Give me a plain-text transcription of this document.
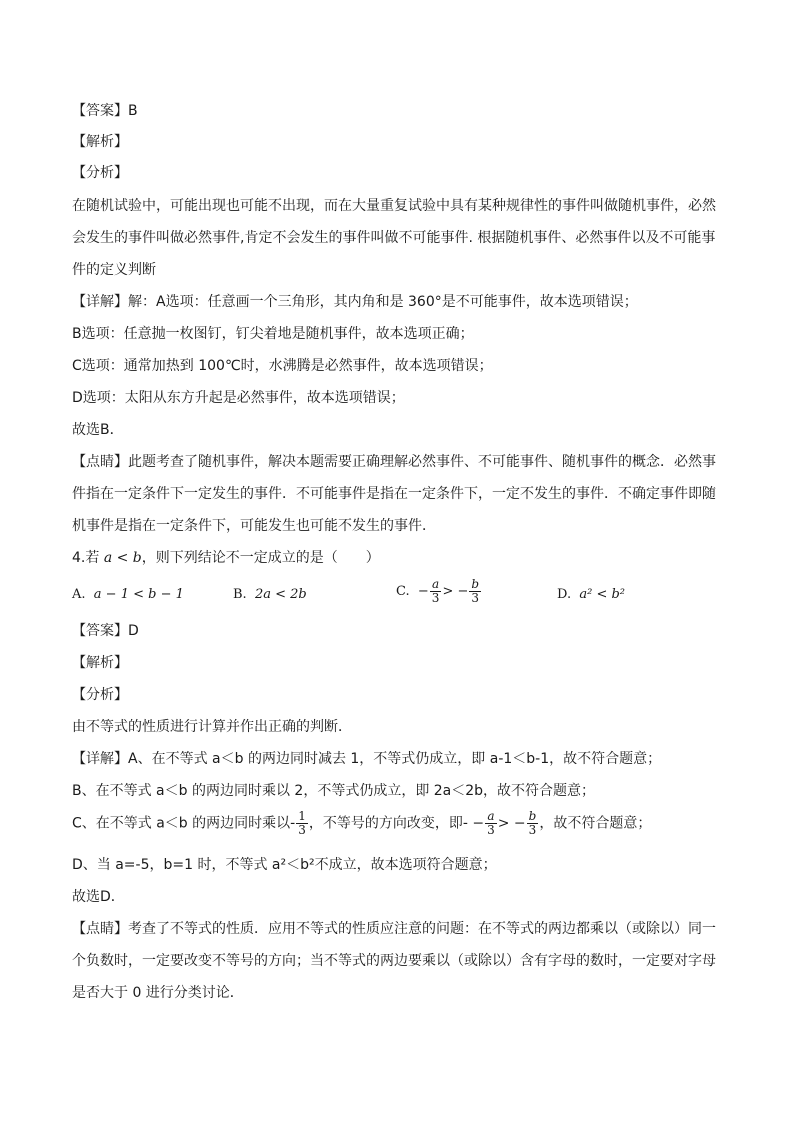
【答案】B
【解析】
【分析】
在随机试验中，可能出现也可能不出现，而在大量重复试验中具有某种规律性的事件叫做随机事件，必然
会发生的事件叫做必然事件,肯定不会发生的事件叫做不可能事件. 根据随机事件、必然事件以及不可能事
件的定义判断
【详解】解：A选项：任意画一个三角形，其内角和是 360°是不可能事件，故本选项错误；
B选项：任意抛一枚图钉，钉尖着地是随机事件，故本选项正确；
C选项：通常加热到 100℃时，水沸腾是必然事件，故本选项错误；
D选项：太阳从东方升起是必然事件，故本选项错误；
故选B．
【点睛】此题考查了随机事件，解决本题需要正确理解必然事件、不可能事件、随机事件的概念．必然事
件指在一定条件下一定发生的事件．不可能事件是指在一定条件下，一定不发生的事件．不确定事件即随
机事件是指在一定条件下，可能发生也可能不发生的事件．
4.若 a < b，则下列结论不一定成立的是（　　）
A. a − 1 < b − 1	B. 2a < 2b	C. − $\frac{a}{3}$ > − $\frac{b}{3}$	D. a² < b²
【答案】D
【解析】
【分析】
由不等式的性质进行计算并作出正确的判断．
【详解】A、在不等式 a＜b 的两边同时减去 1，不等式仍成立，即 a-1＜b-1，故不符合题意；
B、在不等式 a＜b 的两边同时乘以 2，不等式仍成立，即 2a＜2b，故不符合题意；
C、在不等式 a＜b 的两边同时乘以- $\frac{1}{3}$ ，不等号的方向改变，即- − $\frac{a}{3}$ > − $\frac{b}{3}$ ，故不符合题意；
D、当 a=-5，b=1 时，不等式 a²＜b²不成立，故本选项符合题意；
故选D．
【点睛】考查了不等式的性质．应用不等式的性质应注意的问题：在不等式的两边都乘以（或除以）同一
个负数时，一定要改变不等号的方向；当不等式的两边要乘以（或除以）含有字母的数时，一定要对字母
是否大于 0 进行分类讨论．
